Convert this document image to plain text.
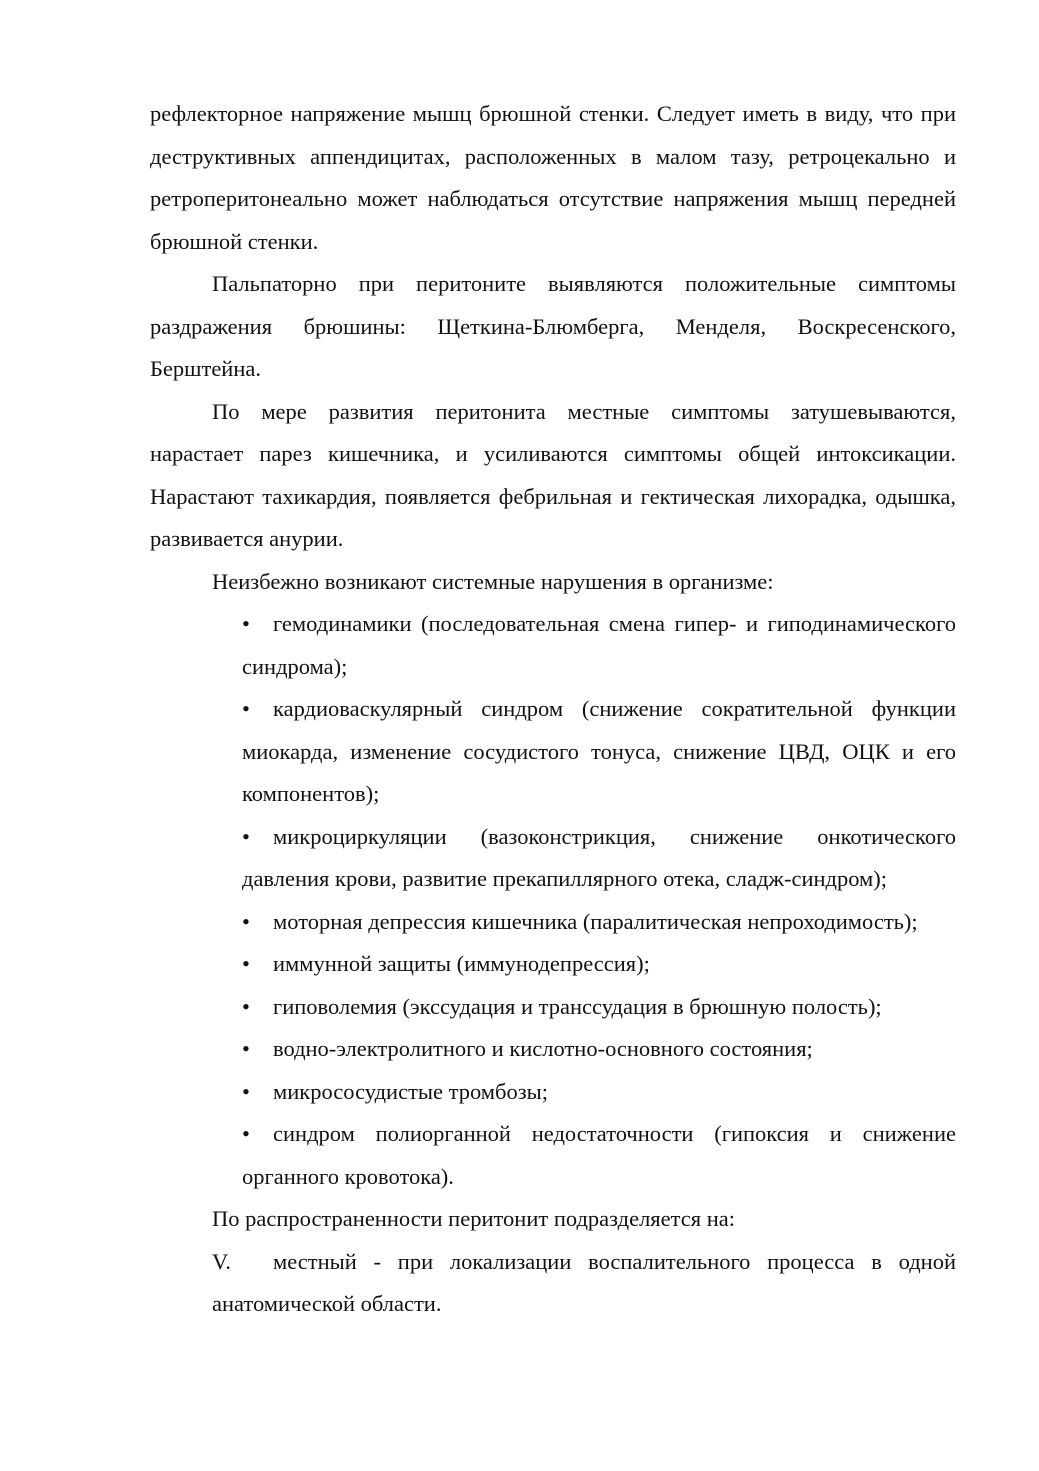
рефлекторное напряжение мышц брюшной стенки. Следует иметь в виду, что при деструктивных аппендицитах, расположенных в малом тазу, ретроцекально и ретроперитонеально может наблюдаться отсутствие напряжения мышц передней брюшной стенки.

Пальпаторно при перитоните выявляются положительные симптомы раздражения брюшины: Щеткина-Блюмберга, Менделя, Воскресенского, Берштейна.

По мере развития перитонита местные симптомы затушевываются, нарастает парез кишечника, и усиливаются симптомы общей интоксикации. Нарастают тахикардия, появляется фебрильная и гектическая лихорадка, одышка, развивается анурии.

Неизбежно возникают системные нарушения в организме:

• гемодинамики (последовательная смена гипер- и гиподинамического синдрома);
• кардиоваскулярный синдром (снижение сократительной функции миокарда, изменение сосудистого тонуса, снижение ЦВД, ОЦК и его компонентов);
• микроциркуляции (вазоконстрикция, снижение онкотического давления крови, развитие прекапиллярного отека, сладж-синдром);
• моторная депрессия кишечника (паралитическая непроходимость);
• иммунной защиты (иммунодепрессия);
• гиповолемия (экссудация и транссудация в брюшную полость);
• водно-электролитного и кислотно-основного состояния;
• микрососудистые тромбозы;
• синдром полиорганной недостаточности (гипоксия и снижение органного кровотока).

По распространенности перитонит подразделяется на:

V. местный - при локализации воспалительного процесса в одной анатомической области.
